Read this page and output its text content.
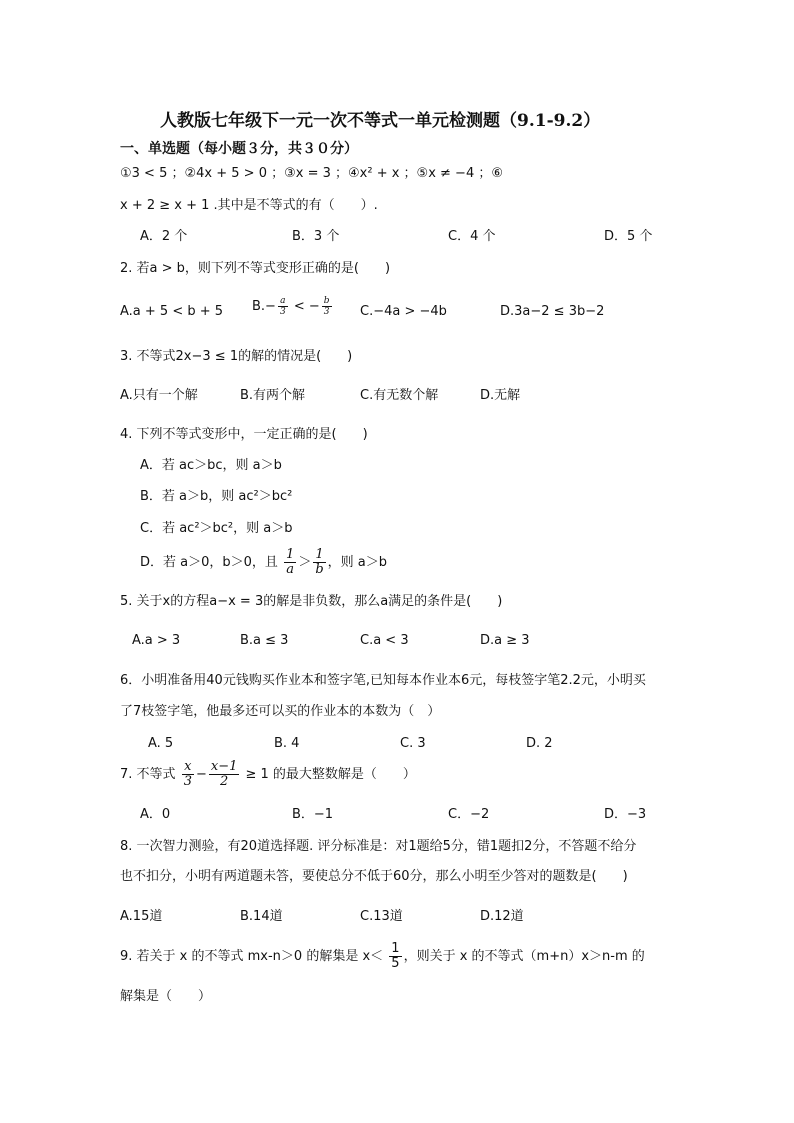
人教版七年级下一元一次不等式一单元检测题（9.1-9.2）
一、单选题（每小题３分，共３０分）
①3 < 5 ；②4x + 5 > 0 ；③x = 3 ；④x² + x ；⑤x ≠ −4 ；⑥
x + 2 ≥ x + 1 .其中是不等式的有（　　）.
A．2 个	B．3 个	C．4 个	D．5 个
2. 若a > b，则下列不等式变形正确的是(　　)
A.a + 5 < b + 5 $B.- \frac{a}{3}$ < − $\frac{b}{3} C.-4a > -4b$	D.3a−2 ≤ 3b−2
3. 不等式2x−3 ≤ 1的解的情况是(　　)
A.只有一个解	B.有两个解	C.有无数个解	D.无解
4. 下列不等式变形中，一定正确的是(　　)
A．若 ac＞bc，则 a＞b
B．若 a＞b，则 ac²＞bc²
C．若 ac²＞bc²，则 a＞b
D．若 a＞0，b＞0，且 $\frac{1}{a} > \frac{1}{b}$ ，则 a＞b
5. 关于x的方程a−x = 3的解是非负数，那么a满足的条件是(　　)
A.a > 3	B.a ≤ 3	C.a < 3	D.a ≥ 3
6．小明准备用40元钱购买作业本和签字笔,已知每本作业本6元，每枝签字笔2.2元，小明买
了7枝签字笔，他最多还可以买的作业本的本数为（　）
A. 5	B. 4	C. 3	D. 2
7. 不等式 $\frac{x}{3} - \frac{x-1}{2} \ge 1$ 的最大整数解是（　　）
A．0	B．−1	C．−2	D．−3
8. 一次智力测验，有20道选择题. 评分标准是：对1题给5分，错1题扣2分，不答题不给分
也不扣分，小明有两道题未答，要使总分不低于60分，那么小明至少答对的题数是(　　)
A.15道	B.14道	C.13道	D.12道
9. 若关于 x 的不等式 mx-n＞0 的解集是 $x< \frac{1}{5}$ ，则关于 x 的不等式（m+n）x＞n-m 的
解集是（　　）
